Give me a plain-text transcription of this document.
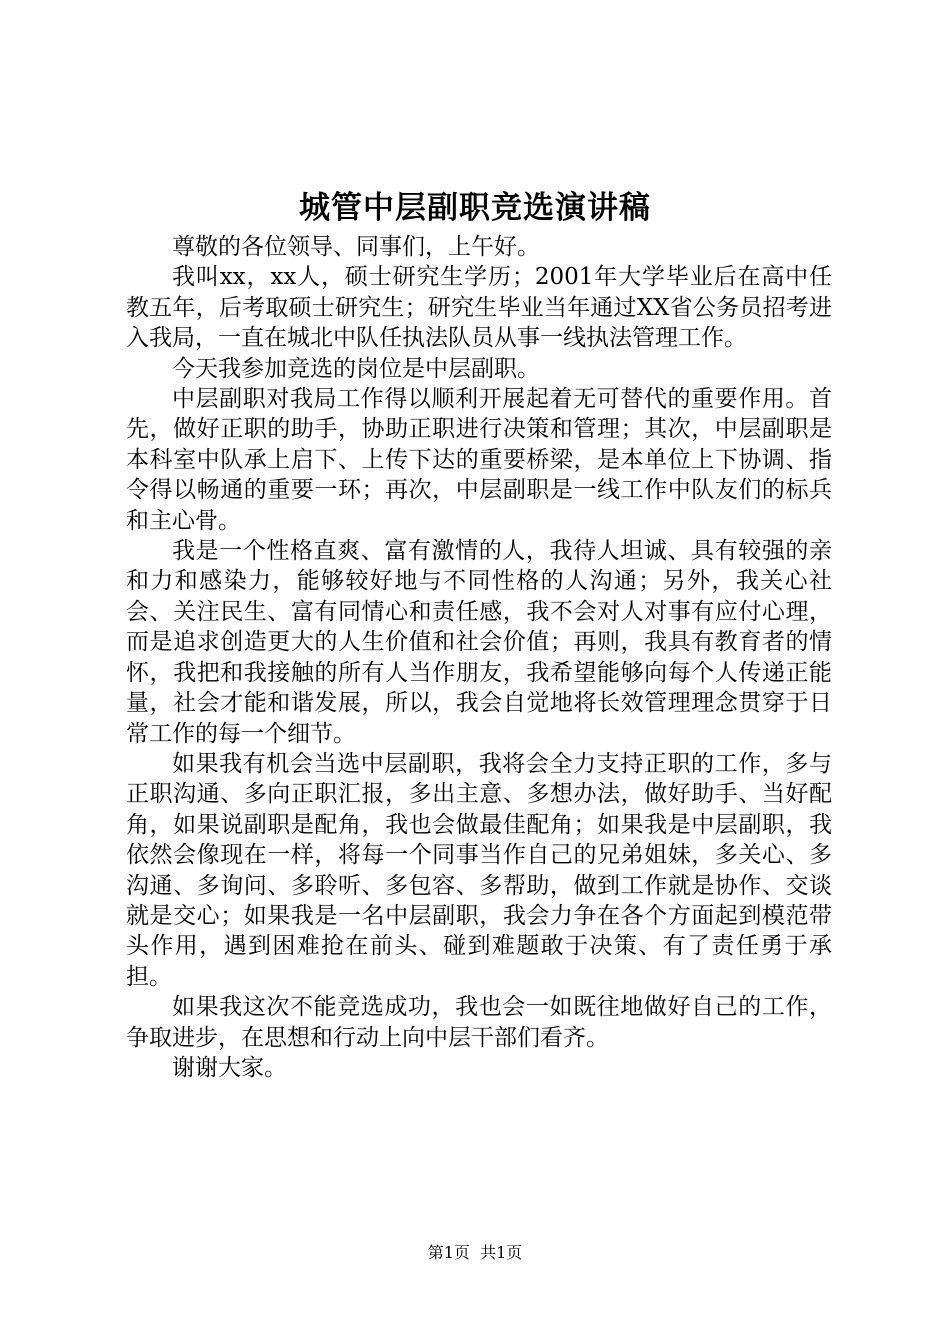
城管中层副职竞选演讲稿

尊敬的各位领导、同事们，上午好。

我叫xx，xx人，硕士研究生学历；2001年大学毕业后在高中任教五年，后考取硕士研究生；研究生毕业当年通过XX省公务员招考进入我局，一直在城北中队任执法队员从事一线执法管理工作。

今天我参加竞选的岗位是中层副职。

中层副职对我局工作得以顺利开展起着无可替代的重要作用。首先，做好正职的助手，协助正职进行决策和管理；其次，中层副职是本科室中队承上启下、上传下达的重要桥梁，是本单位上下协调、指令得以畅通的重要一环；再次，中层副职是一线工作中队友们的标兵和主心骨。

我是一个性格直爽、富有激情的人，我待人坦诚、具有较强的亲和力和感染力，能够较好地与不同性格的人沟通；另外，我关心社会、关注民生、富有同情心和责任感，我不会对人对事有应付心理，而是追求创造更大的人生价值和社会价值；再则，我具有教育者的情怀，我把和我接触的所有人当作朋友，我希望能够向每个人传递正能量，社会才能和谐发展，所以，我会自觉地将长效管理理念贯穿于日常工作的每一个细节。

如果我有机会当选中层副职，我将会全力支持正职的工作，多与正职沟通、多向正职汇报，多出主意、多想办法，做好助手、当好配角，如果说副职是配角，我也会做最佳配角；如果我是中层副职，我依然会像现在一样，将每一个同事当作自己的兄弟姐妹，多关心、多沟通、多询问、多聆听、多包容、多帮助，做到工作就是协作、交谈就是交心；如果我是一名中层副职，我会力争在各个方面起到模范带头作用，遇到困难抢在前头、碰到难题敢于决策、有了责任勇于承担。

如果我这次不能竞选成功，我也会一如既往地做好自己的工作，争取进步，在思想和行动上向中层干部们看齐。

谢谢大家。

第1页  共1页
